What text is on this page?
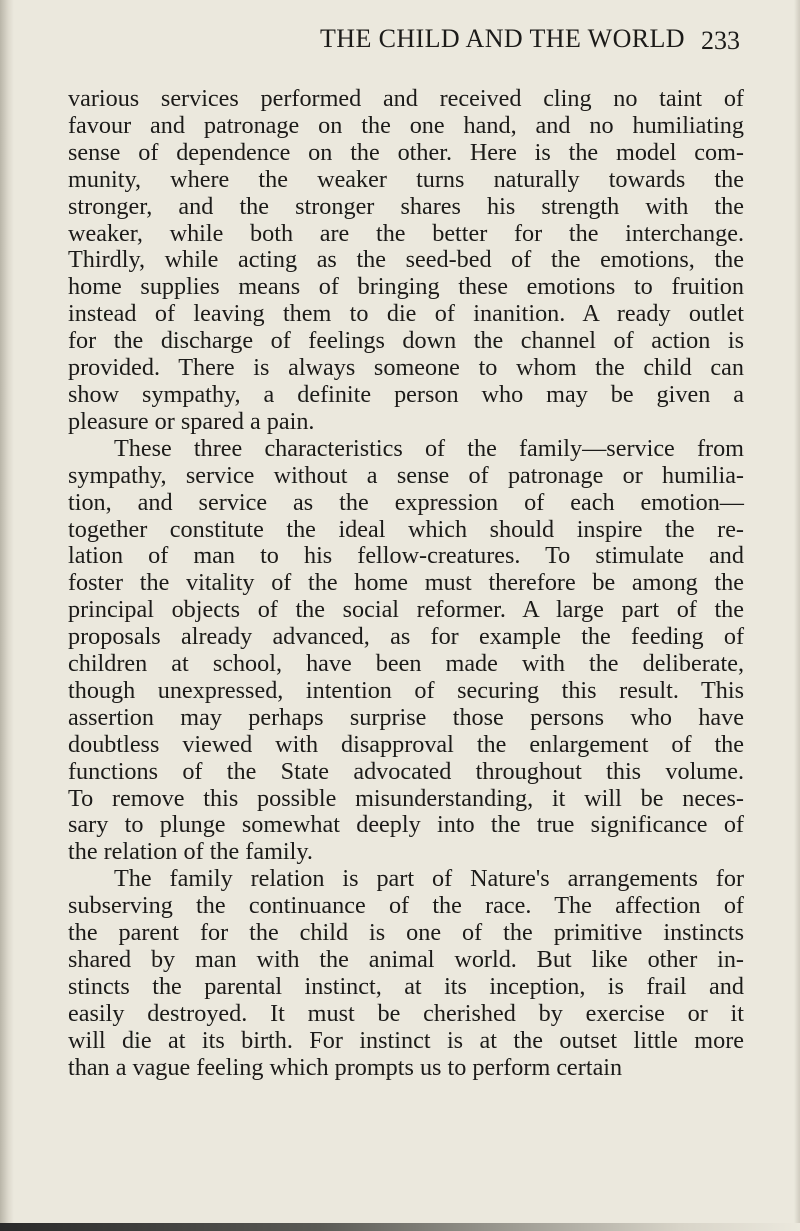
THE CHILD AND THE WORLD 233
various services performed and received cling no taint of
favour and patronage on the one hand, and no humiliating
sense of dependence on the other. Here is the model com-
munity, where the weaker turns naturally towards the
stronger, and the stronger shares his strength with the
weaker, while both are the better for the interchange.
Thirdly, while acting as the seed-bed of the emotions, the
home supplies means of bringing these emotions to fruition
instead of leaving them to die of inanition. A ready outlet
for the discharge of feelings down the channel of action is
provided. There is always someone to whom the child can
show sympathy, a definite person who may be given a
pleasure or spared a pain.
These three characteristics of the family—service from
sympathy, service without a sense of patronage or humilia-
tion, and service as the expression of each emotion—
together constitute the ideal which should inspire the re-
lation of man to his fellow-creatures. To stimulate and
foster the vitality of the home must therefore be among the
principal objects of the social reformer. A large part of the
proposals already advanced, as for example the feeding of
children at school, have been made with the deliberate,
though unexpressed, intention of securing this result. This
assertion may perhaps surprise those persons who have
doubtless viewed with disapproval the enlargement of the
functions of the State advocated throughout this volume.
To remove this possible misunderstanding, it will be neces-
sary to plunge somewhat deeply into the true significance of
the relation of the family.
The family relation is part of Nature's arrangements for
subserving the continuance of the race. The affection of
the parent for the child is one of the primitive instincts
shared by man with the animal world. But like other in-
stincts the parental instinct, at its inception, is frail and
easily destroyed. It must be cherished by exercise or it
will die at its birth. For instinct is at the outset little more
than a vague feeling which prompts us to perform certain
